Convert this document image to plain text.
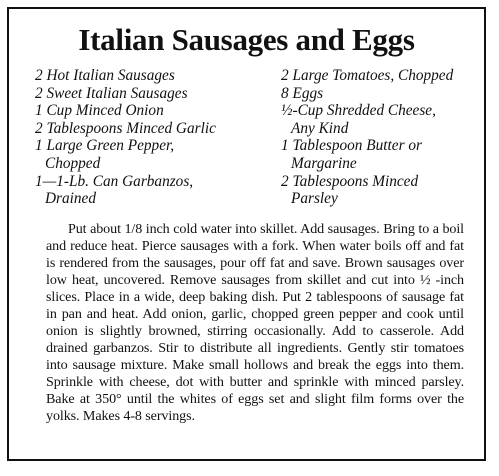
Italian Sausages and Eggs
2 Hot Italian Sausages
2 Sweet Italian Sausages
1 Cup Minced Onion
2 Tablespoons Minced Garlic
1 Large Green Pepper,
Chopped
1—1-Lb. Can Garbanzos,
Drained
2 Large Tomatoes, Chopped
8 Eggs
½-Cup Shredded Cheese,
Any Kind
1 Tablespoon Butter or
Margarine
2 Tablespoons Minced
Parsley

Put about 1/8 inch cold water into skillet. Add sausages. Bring to a boil and reduce heat. Pierce sausages with a fork. When water boils off and fat is rendered from the sausages, pour off fat and save. Brown sausages over low heat, uncovered. Remove sausages from skillet and cut into ½ -inch slices. Place in a wide, deep baking dish. Put 2 tablespoons of sausage fat in pan and heat. Add onion, garlic, chopped green pepper and cook until onion is slightly browned, stirring occasionally. Add to casserole. Add drained garbanzos. Stir to distribute all ingredients. Gently stir tomatoes into sausage mixture. Make small hollows and break the eggs into them. Sprinkle with cheese, dot with butter and sprinkle with minced parsley. Bake at 350° until the whites of eggs set and slight film forms over the yolks. Makes 4-8 servings.
